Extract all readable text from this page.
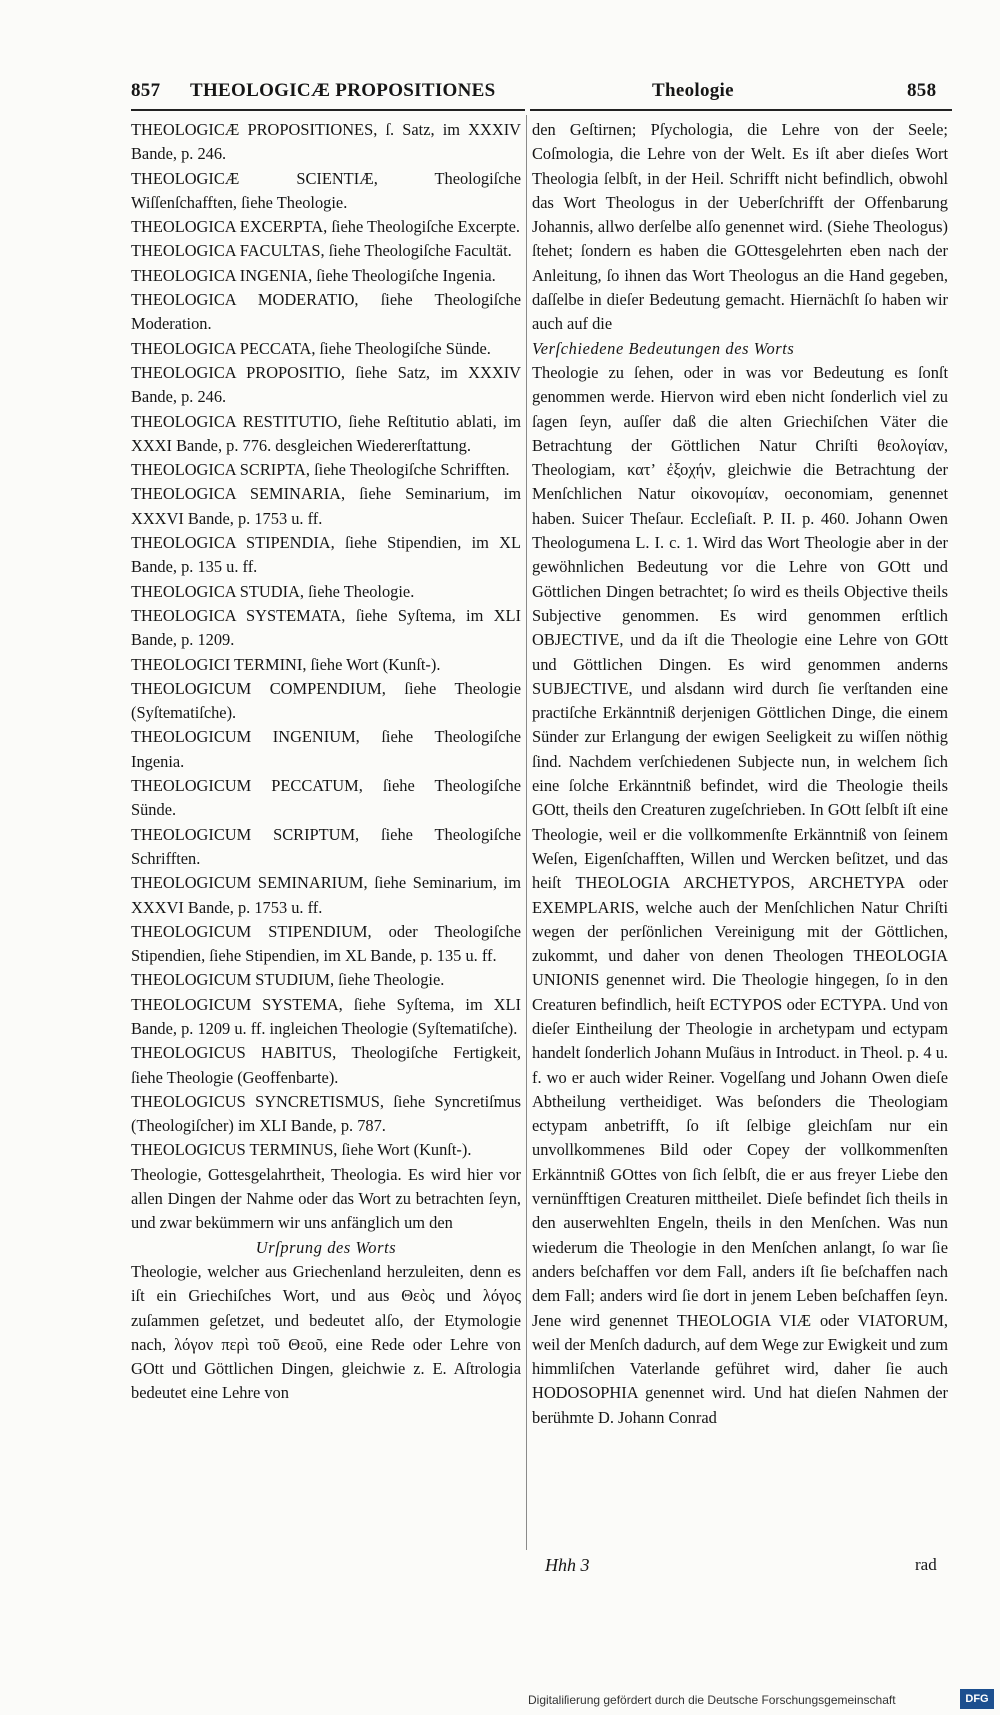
857 THEOLOGICÆ PROPOSITIONES	Theologie	858

THEOLOGICÆ PROPOSITIONES, ſ. Satz, im XXXIV Bande, p. 246.

THEOLOGICÆ SCIENTIÆ, Theologiſche Wiſſenſchafften, ſiehe Theologie.

THEOLOGICA EXCERPTA, ſiehe Theologiſche Excerpte.

THEOLOGICA FACULTAS, ſiehe Theologiſche Facultät.

THEOLOGICA INGENIA, ſiehe Theologiſche Ingenia.

THEOLOGICA MODERATIO, ſiehe Theologiſche Moderation.

THEOLOGICA PECCATA, ſiehe Theologiſche Sünde.

THEOLOGICA PROPOSITIO, ſiehe Satz, im XXXIV Bande, p. 246.

THEOLOGICA RESTITUTIO, ſiehe Reſtitutio ablati, im XXXI Bande, p. 776. desgleichen Wiedererſtattung.

THEOLOGICA SCRIPTA, ſiehe Theologiſche Schrifften.

THEOLOGICA SEMINARIA, ſiehe Seminarium, im XXXVI Bande, p. 1753 u. ff.

THEOLOGICA STIPENDIA, ſiehe Stipendien, im XL Bande, p. 135 u. ff.

THEOLOGICA STUDIA, ſiehe Theologie.

THEOLOGICA SYSTEMATA, ſiehe Syſtema, im XLI Bande, p. 1209.

THEOLOGICI TERMINI, ſiehe Wort (Kunſt-).

THEOLOGICUM COMPENDIUM, ſiehe Theologie (Syſtematiſche).

THEOLOGICUM INGENIUM, ſiehe Theologiſche Ingenia.

THEOLOGICUM PECCATUM, ſiehe Theologiſche Sünde.

THEOLOGICUM SCRIPTUM, ſiehe Theologiſche Schrifften.

THEOLOGICUM SEMINARIUM, ſiehe Seminarium, im XXXVI Bande, p. 1753 u. ff.

THEOLOGICUM STIPENDIUM, oder Theologiſche Stipendien, ſiehe Stipendien, im XL Bande, p. 135 u. ff.

THEOLOGICUM STUDIUM, ſiehe Theologie.

THEOLOGICUM SYSTEMA, ſiehe Syſtema, im XLI Bande, p. 1209 u. ff. ingleichen Theologie (Syſtematiſche).

THEOLOGICUS HABITUS, Theologiſche Fertigkeit, ſiehe Theologie (Geoffenbarte).

THEOLOGICUS SYNCRETISMUS, ſiehe Syncretiſmus (Theologiſcher) im XLI Bande, p. 787.

THEOLOGICUS TERMINUS, ſiehe Wort (Kunſt-).

Theologie, Gottesgelahrtheit, Theologia. Es wird hier vor allen Dingen der Nahme oder das Wort zu betrachten ſeyn, und zwar bekümmern wir uns anfänglich um den

Urſprung des Worts

Theologie, welcher aus Griechenland herzuleiten, denn es iſt ein Griechiſches Wort, und aus Θεὸς und λόγος zuſammen geſetzet, und bedeutet alſo, der Etymologie nach, λόγον περὶ τοῦ Θεοῦ, eine Rede oder Lehre von GOtt und Göttlichen Dingen, gleichwie z. E. Aſtrologia bedeutet eine Lehre von

den Geſtirnen; Pſychologia, die Lehre von der Seele; Coſmologia, die Lehre von der Welt. Es iſt aber dieſes Wort Theologia ſelbſt, in der Heil. Schrifft nicht befindlich, obwohl das Wort Theologus in der Ueberſchrifft der Offenbarung Johannis, allwo derſelbe alſo genennet wird. (Siehe Theologus) ſtehet; ſondern es haben die GOttesgelehrten eben nach der Anleitung, ſo ihnen das Wort Theologus an die Hand gegeben, daſſelbe in dieſer Bedeutung gemacht. Hiernächſt ſo haben wir auch auf die

Verſchiedene Bedeutungen des Worts

Theologie zu ſehen, oder in was vor Bedeutung es ſonſt genommen werde. Hiervon wird eben nicht ſonderlich viel zu ſagen ſeyn, auſſer daß die alten Griechiſchen Väter die Betrachtung der Göttlichen Natur Chriſti θεολογίαν, Theologiam, κατ’ ἐξοχήν, gleichwie die Betrachtung der Menſchlichen Natur οἰκονομίαν, oeconomiam, genennet haben. Suicer Theſaur. Eccleſiaſt. P. II. p. 460. Johann Owen Theologumena L. I. c. 1. Wird das Wort Theologie aber in der gewöhnlichen Bedeutung vor die Lehre von GOtt und Göttlichen Dingen betrachtet; ſo wird es theils Objective theils Subjective genommen. Es wird genommen erſtlich OBJECTIVE, und da iſt die Theologie eine Lehre von GOtt und Göttlichen Dingen. Es wird genommen anderns SUBJECTIVE, und alsdann wird durch ſie verſtanden eine practiſche Erkänntniß derjenigen Göttlichen Dinge, die einem Sünder zur Erlangung der ewigen Seeligkeit zu wiſſen nöthig ſind. Nachdem verſchiedenen Subjecte nun, in welchem ſich eine ſolche Erkänntniß befindet, wird die Theologie theils GOtt, theils den Creaturen zugeſchrieben. In GOtt ſelbſt iſt eine Theologie, weil er die vollkommenſte Erkänntniß von ſeinem Weſen, Eigenſchafften, Willen und Wercken beſitzet, und das heiſt THEOLOGIA ARCHETYPOS, ARCHETYPA oder EXEMPLARIS, welche auch der Menſchlichen Natur Chriſti wegen der perſönlichen Vereinigung mit der Göttlichen, zukommt, und daher von denen Theologen THEOLOGIA UNIONIS genennet wird. Die Theologie hingegen, ſo in den Creaturen befindlich, heiſt ECTYPOS oder ECTYPA. Und von dieſer Eintheilung der Theologie in archetypam und ectypam handelt ſonderlich Johann Muſäus in Introduct. in Theol. p. 4 u. f. wo er auch wider Reiner. Vogelſang und Johann Owen dieſe Abtheilung vertheidiget. Was beſonders die Theologiam ectypam anbetrifft, ſo iſt ſelbige gleichſam nur ein unvollkommenes Bild oder Copey der vollkommenſten Erkänntniß GOttes von ſich ſelbſt, die er aus freyer Liebe den vernünfftigen Creaturen mittheilet. Dieſe befindet ſich theils in den auserwehlten Engeln, theils in den Menſchen. Was nun wiederum die Theologie in den Menſchen anlangt, ſo war ſie anders beſchaffen vor dem Fall, anders iſt ſie beſchaffen nach dem Fall; anders wird ſie dort in jenem Leben beſchaffen ſeyn. Jene wird genennet THEOLOGIA VIÆ oder VIATORUM, weil der Menſch dadurch, auf dem Wege zur Ewigkeit und zum himmliſchen Vaterlande geführet wird, daher ſie auch HODOSOPHIA genennet wird. Und hat dieſen Nahmen der berühmte D. Johann Conrad

Hhh 3	rad
Digitaliſierung gefördert durch die Deutsche Forschungsgemeinschaft	DFG
